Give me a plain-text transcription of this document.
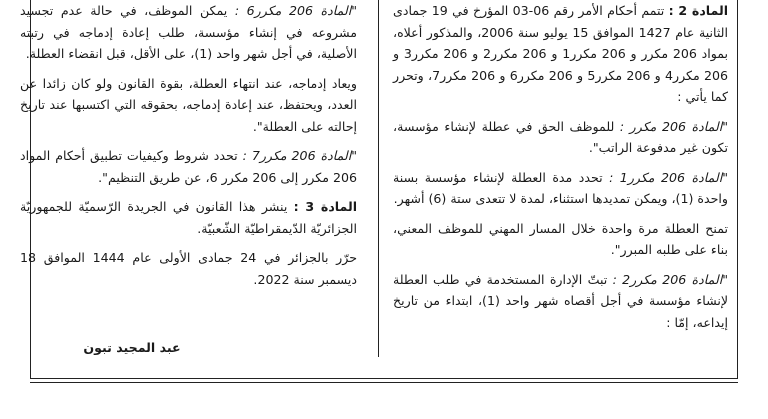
المادة 2 : تتمم أحكام الأمر رقم 06-03 المؤرخ في 19 جمادى الثانية عام 1427 الموافق 15 يوليو سنة 2006، والمذكور أعلاه، بمواد 206 مكرر و 206 مكرر1 و 206 مكرر2 و 206 مكرر3 و 206 مكرر4 و 206 مكرر5 و 206 مكرر6 و 206 مكرر7، وتحرر كما يأتي :

"المادة 206 مكرر : للموظف الحق في عطلة لإنشاء مؤسسة، تكون غير مدفوعة الراتب".

"المادة 206 مكرر1 : تحدد مدة العطلة لإنشاء مؤسسة بسنة واحدة (1)، ويمكن تمديدها استثناء، لمدة لا تتعدى ستة (6) أشهر.

تمنح العطلة مرة واحدة خلال المسار المهني للموظف المعني، بناء على طلبه المبرر".

"المادة 206 مكرر2 : تبتّ الإدارة المستخدمة في طلب العطلة لإنشاء مؤسسة في أجل أقصاه شهر واحد (1)، ابتداء من تاريخ إيداعه، إمّا :

"المادة 206 مكرر6 : يمكن الموظف، في حالة عدم تجسيد مشروعه في إنشاء مؤسسة، طلب إعادة إدماجه في رتبته الأصلية، في أجل شهر واحد (1)، على الأقل، قبل انقضاء العطلة.

ويعاد إدماجه، عند انتهاء العطلة، بقوة القانون ولو كان زائدا عن العدد، ويحتفظ، عند إعادة إدماجه، بحقوقه التي اكتسبها عند تاريخ إحالته على العطلة".

"المادة 206 مكرر7 : تحدد شروط وكيفيات تطبيق أحكام المواد 206 مكرر إلى 206 مكرر 6، عن طريق التنظيم".

المادة 3 : ينشر هذا القانون في الجريدة الرّسميّة للجمهوريّة الجزائريّة الدّيمقراطيّة الشّعبيّة.

حرّر بالجزائر في 24 جمادى الأولى عام 1444 الموافق 18 ديسمبر سنة 2022.

عبد المجيد تبون
